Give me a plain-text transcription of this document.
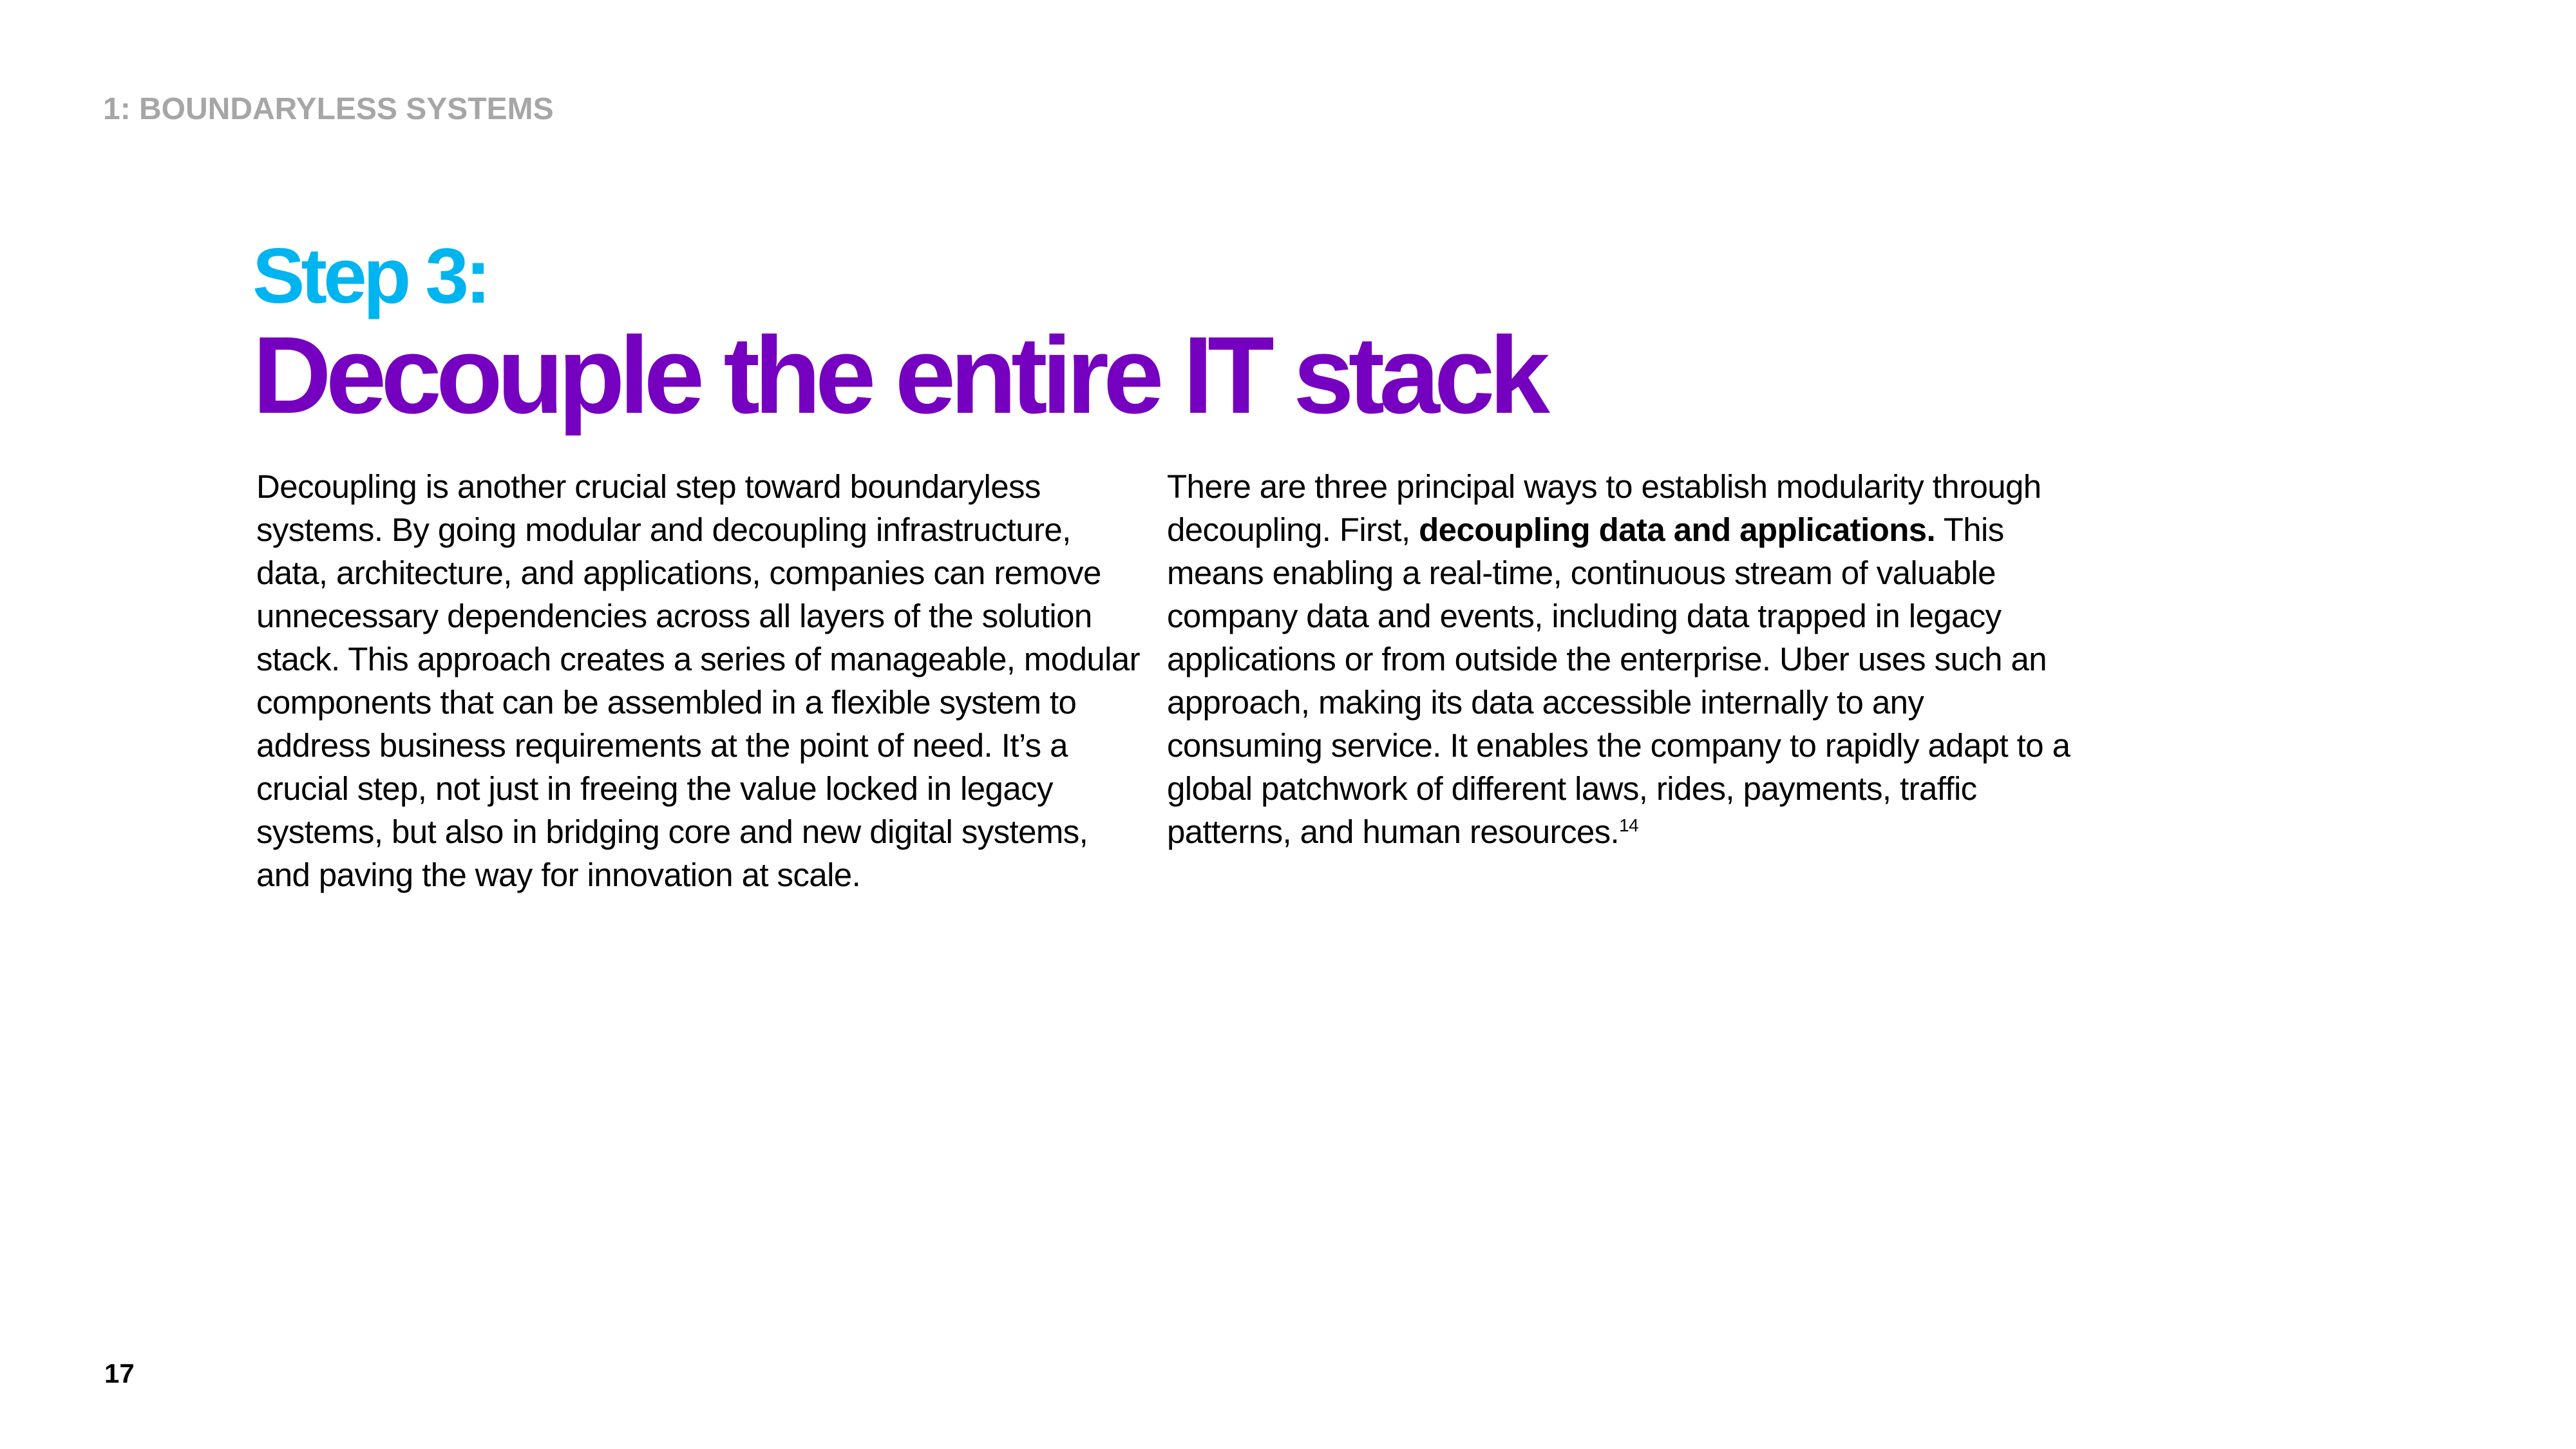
1: BOUNDARYLESS SYSTEMS
Step 3:
Decouple the entire IT stack

Decoupling is another crucial step toward boundaryless systems. By going modular and decoupling infrastructure, data, architecture, and applications, companies can remove unnecessary dependencies across all layers of the solution stack. This approach creates a series of manageable, modular components that can be assembled in a flexible system to address business requirements at the point of need. It’s a crucial step, not just in freeing the value locked in legacy systems, but also in bridging core and new digital systems, and paving the way for innovation at scale.

There are three principal ways to establish modularity through decoupling. First, decoupling data and applications. This means enabling a real-time, continuous stream of valuable company data and events, including data trapped in legacy applications or from outside the enterprise. Uber uses such an approach, making its data accessible internally to any consuming service. It enables the company to rapidly adapt to a global patchwork of different laws, rides, payments, traffic patterns, and human resources.$^{14}$

17
